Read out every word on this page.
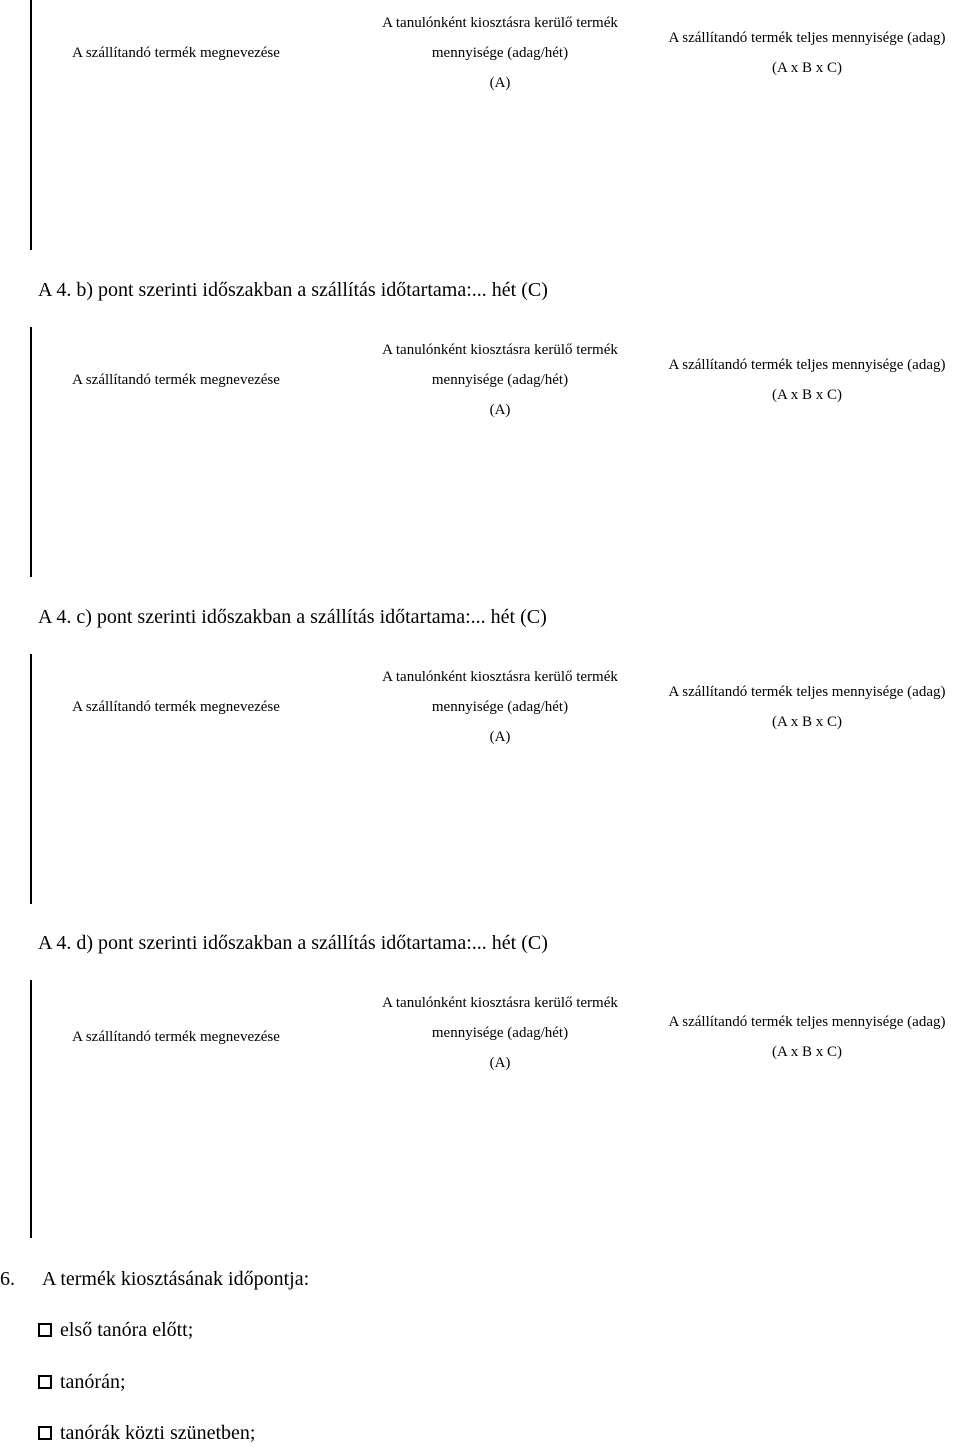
A szállítandó termék megnevezése
A tanulónként kiosztásra kerülő termék
mennyisége (adag/hét)
(A)
A szállítandó termék teljes mennyisége (adag)
(A x B x C)
A 4. b) pont szerinti időszakban a szállítás időtartama:... hét (C)
A szállítandó termék megnevezése
A tanulónként kiosztásra kerülő termék
mennyisége (adag/hét)
(A)
A szállítandó termék teljes mennyisége (adag)
(A x B x C)
A 4. c) pont szerinti időszakban a szállítás időtartama:... hét (C)
A szállítandó termék megnevezése
A tanulónként kiosztásra kerülő termék
mennyisége (adag/hét)
(A)
A szállítandó termék teljes mennyisége (adag)
(A x B x C)
A 4. d) pont szerinti időszakban a szállítás időtartama:... hét (C)
A szállítandó termék megnevezése
A tanulónként kiosztásra kerülő termék
mennyisége (adag/hét)
(A)
A szállítandó termék teljes mennyisége (adag)
(A x B x C)
6. A termék kiosztásának időpontja:
első tanóra előtt;
tanórán;
tanórák közti szünetben;
